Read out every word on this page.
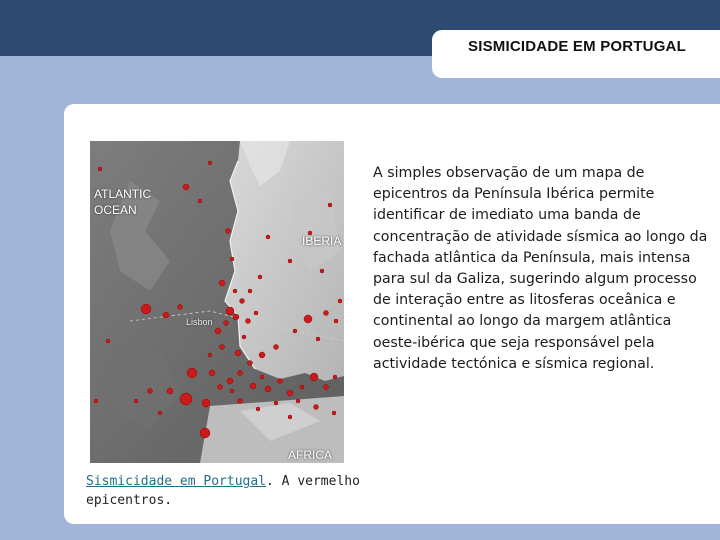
SISMICIDADE EM PORTUGAL
ATLANTIC
OCEAN
IBERIA
Lisbon
AFRICA
Sismicidade em Portugal. A vermelho epicentros.
A simples observação de um mapa de epicentros da Península Ibérica permite identificar de imediato uma banda de concentração de atividade sísmica ao longo da fachada atlântica da Península, mais intensa para sul da Galiza, sugerindo algum processo de interação entre as litosferas oceânica e continental ao longo da margem atlântica oeste-ibérica que seja responsável pela actividade tectónica e sísmica regional.
